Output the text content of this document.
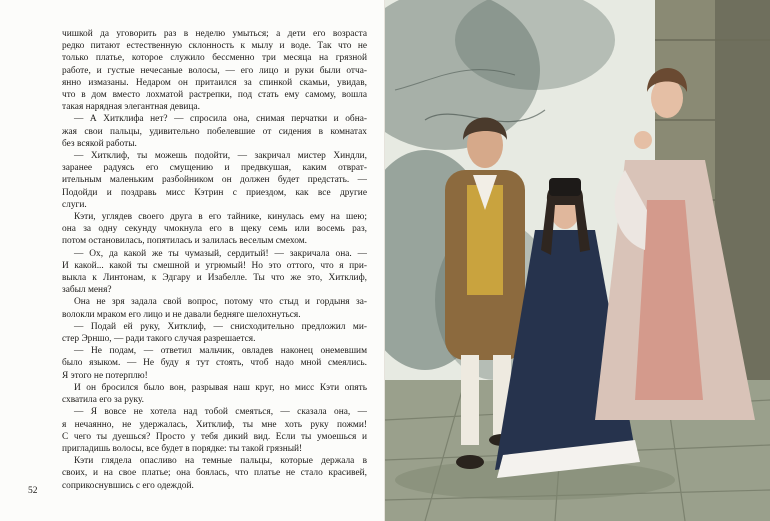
чишкой да уговорить раз в неделю умыться; а дети его возраста
редко питают естественную склонность к мылу и воде. Так что не
только платье, которое служило бессменно три месяца на грязной
работе, и густые нечесаные волосы, — его лицо и руки были отча-
янно измазаны. Недаром он притаился за спинкой скамьи, увидав,
что в дом вместо лохматой растрепки, под стать ему самому, вошла
такая нарядная элегантная девица.
— А Хитклифа нет? — спросила она, снимая перчатки и обна-
жая свои пальцы, удивительно побелевшие от сидения в комнатах
без всякой работы.
— Хитклиф, ты можешь подойти, — закричал мистер Хиндли,
заранее радуясь его смущению и предвкушая, каким отврат-
ительным маленьким разбойником он должен будет предстать. —
Подойди и поздравь мисс Кэтрин с приездом, как все другие
слуги.
Кэти, углядев своего друга в его тайнике, кинулась ему на шею;
она за одну секунду чмокнула его в щеку семь или восемь раз,
потом остановилась, попятилась и залилась веселым смехом.
— Ох, да какой же ты чумазый, сердитый! — закричала она. —
И какой... какой ты смешной и угрюмый! Но это оттого, что я при-
выкла к Линтонам, к Эдгару и Изабелле. Ты что же это, Хитклиф,
забыл меня?
Она не зря задала свой вопрос, потому что стыд и гордыня за-
волокли мраком его лицо и не давали бедняге шелохнуться.
— Подай ей руку, Хитклиф, — снисходительно предложил ми-
стер Эрншо, — ради такого случая разрешается.
— Не подам, — ответил мальчик, овладев наконец онемевшим
было языком. — Не буду я тут стоять, чтоб надо мной смеялись.
Я этого не потерплю!
И он бросился было вон, разрывая наш круг, но мисс Кэти опять
схватила его за руку.
— Я вовсе не хотела над тобой смеяться, — сказала она, —
я нечаянно, не удержалась, Хитклиф, ты мне хоть руку пожми!
С чего ты дуешься? Просто у тебя дикий вид. Если ты умоешься и
пригладишь волосы, все будет в порядке: ты такой грязный!
Кэти глядела опасливо на темные пальцы, которые держала в
своих, и на свое платье; она боялась, что платье не стало красивей,
соприкоснувшись с его одеждой.
52
